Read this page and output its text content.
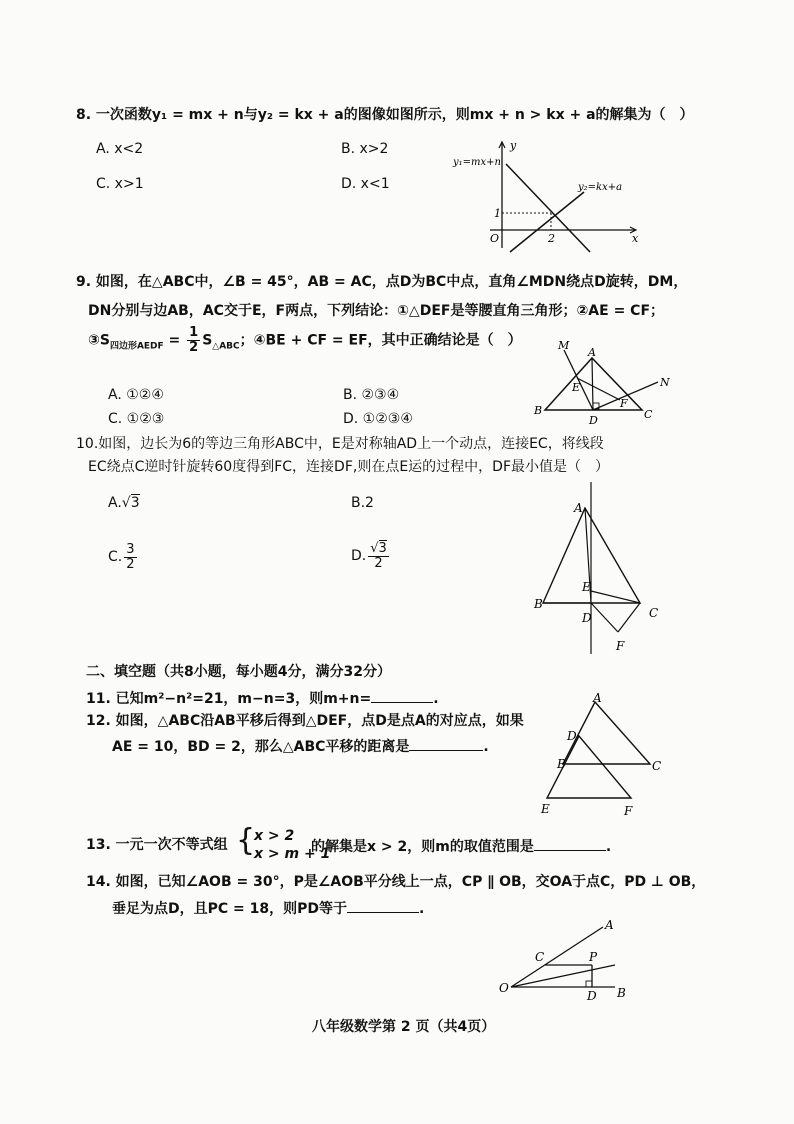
8. 一次函数y₁ = mx + n与y₂ = kx + a的图像如图所示，则mx + n > kx + a的解集为（　）
A. x<2	B. x>2
C. x>1	D. x<1
y₁=mx+n
y₂=kx+a
y
x
O
1
2
9. 如图，在△ABC中，∠B = 45°，AB = AC，点D为BC中点，直角∠MDN绕点D旋转，DM，
DN分别与边AB，AC交于E，F两点，下列结论：①△DEF是等腰直角三角形；②AE = CF；
$③S_{四边形AEDF} = \frac{1}{2} S_{\triangle ABC}$；④BE + CF = EF，其中正确结论是（　）
A. ①②④	B. ②③④
C. ①②③	D. ①②③④
M
A
N
E
F
B
D	C
10.如图，边长为6的等边三角形ABC中，E是对称轴AD上一个动点，连接EC，将线段
EC绕点C逆时针旋转60度得到FC，连接DF,则在点E运的过程中，DF最小值是（　）
A.√3	B.2
C. $\frac{3}{2}$	D. $\frac{√3}{2}$
A
E
B
C
D
F
二、填空题（共8小题，每小题4分，满分32分）
11. 已知m²−n²=21，m−n=3，则m+n=	.
12. 如图，△ABC沿AB平移后得到△DEF，点D是点A的对应点，如果
AE = 10，BD = 2，那么△ABC平移的距离是	.
A
D
B	C
E	F
13. 一元一次不等式组 {
x > 2
x > m + 1
的解集是x > 2，则m的取值范围是	.
14. 如图，已知∠AOB = 30°，P是∠AOB平分线上一点，CP ∥ OB，交OA于点C，PD ⊥ OB，
垂足为点D，且PC = 18，则PD等于	.
A
C	P
O
D B
八年级数学第 2 页（共4页）
